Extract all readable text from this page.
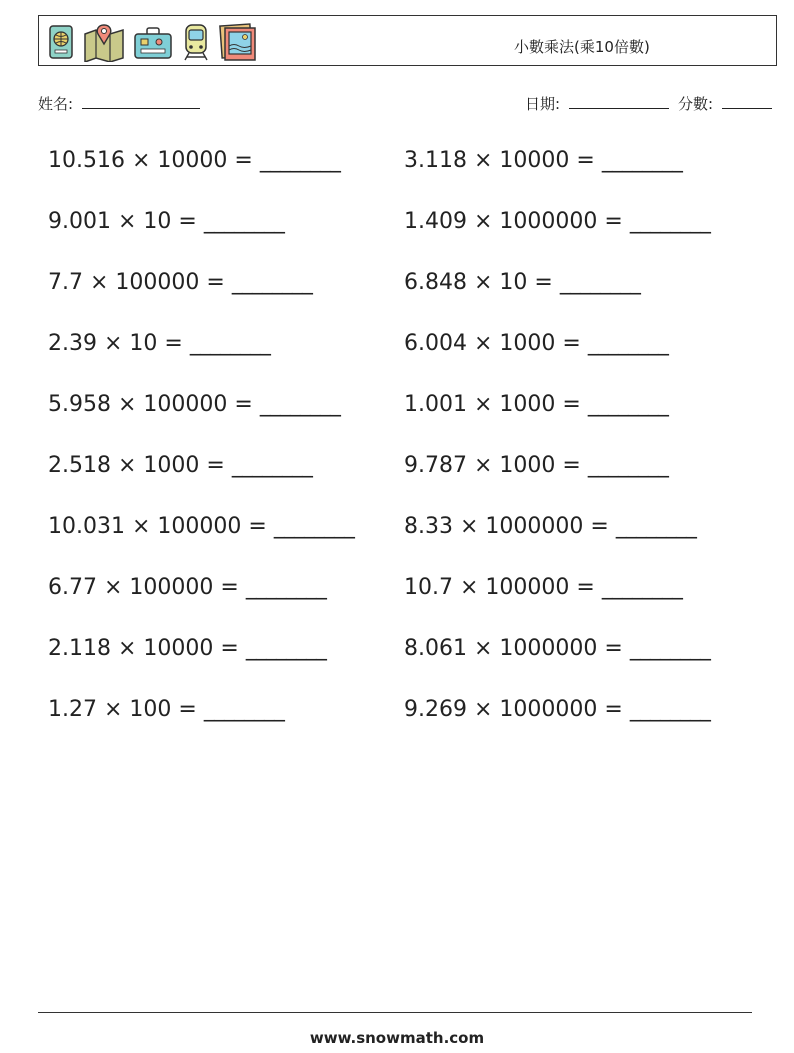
小數乘法(乘10倍數)
姓名:	日期:	分數:
10.516 × 10000 = ________
9.001 × 10 = ________
7.7 × 100000 = ________
2.39 × 10 = ________
5.958 × 100000 = ________
2.518 × 1000 = ________
10.031 × 100000 = ________
6.77 × 100000 = ________
2.118 × 10000 = ________
1.27 × 100 = ________
3.118 × 10000 = ________
1.409 × 1000000 = ________
6.848 × 10 = ________
6.004 × 1000 = ________
1.001 × 1000 = ________
9.787 × 1000 = ________
8.33 × 1000000 = ________
10.7 × 100000 = ________
8.061 × 1000000 = ________
9.269 × 1000000 = ________
www.snowmath.com
